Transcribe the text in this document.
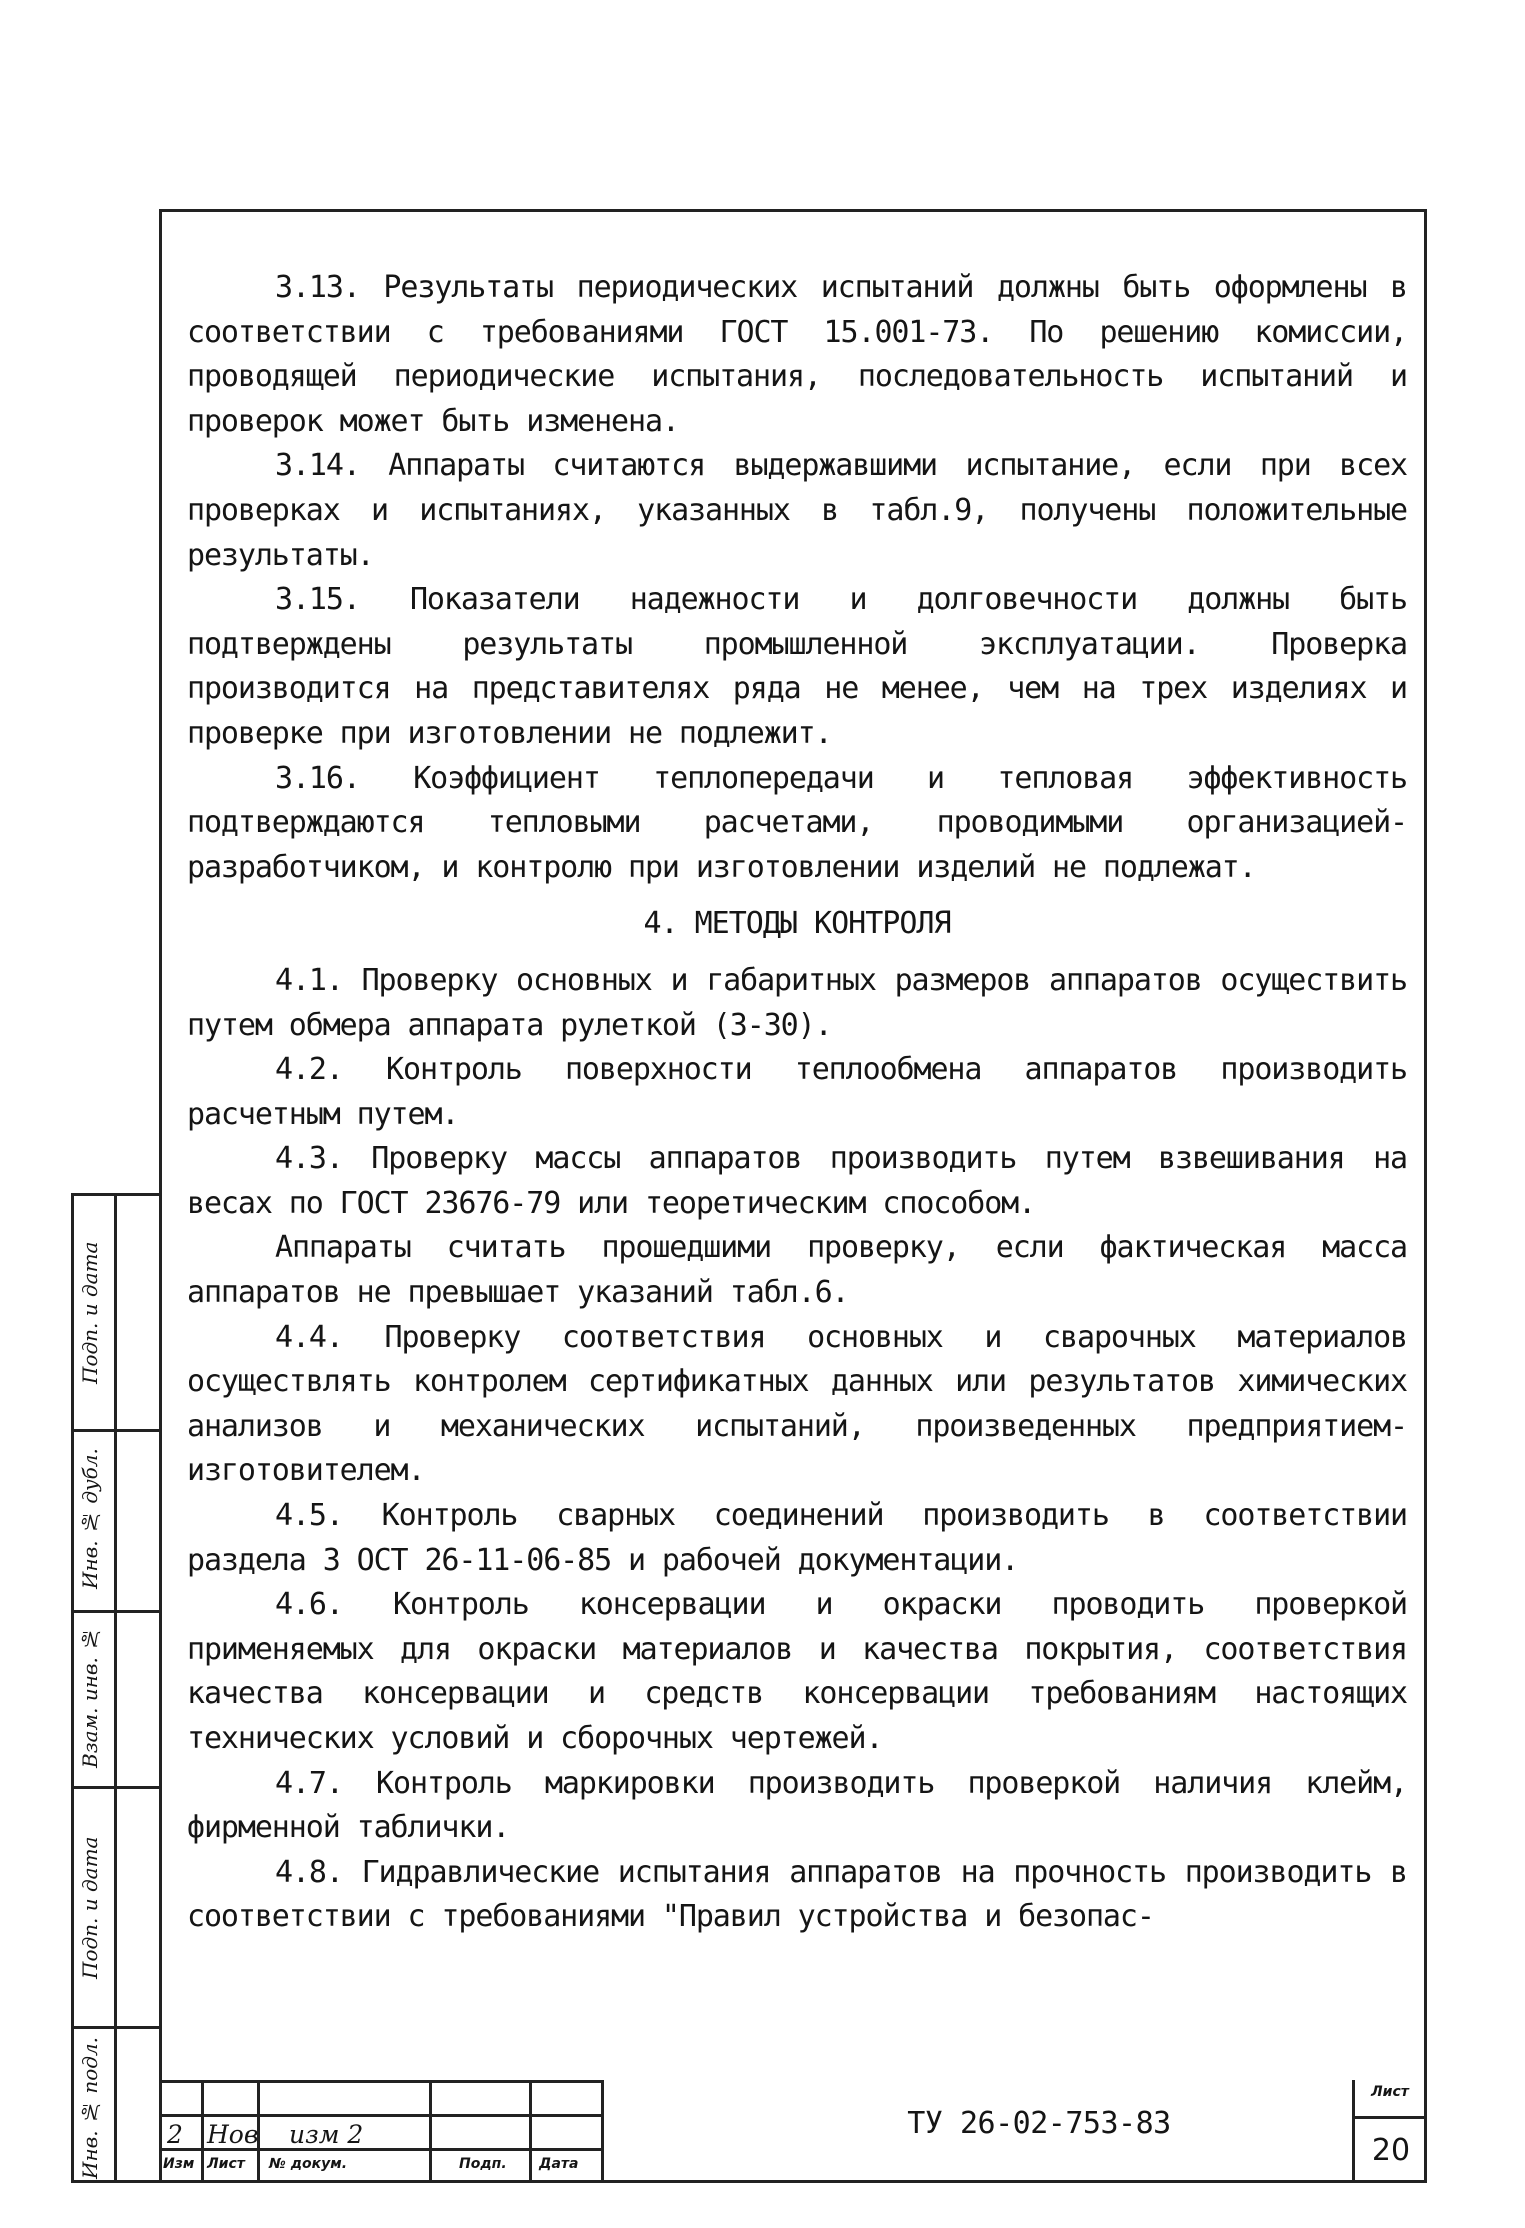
3.13. Результаты периодических испытаний должны быть оформлены в соответствии с требованиями ГОСТ 15.001-73. По решению комиссии, проводящей периодические испытания, последовательность испытаний и проверок может быть изменена.

3.14. Аппараты считаются выдержавшими испытание, если при всех проверках и испытаниях, указанных в табл.9, получены положительные результаты.

3.15. Показатели надежности и долговечности должны быть подтверждены результаты промышленной эксплуатации. Проверка производится на представителях ряда не менее, чем на трех изделиях и проверке при изготовлении не подлежит.

3.16. Коэффициент теплопередачи и тепловая эффективность подтверждаются тепловыми расчетами, проводимыми организацией-разработчиком, и контролю при изготовлении изделий не подлежат.

4. МЕТОДЫ КОНТРОЛЯ

4.1. Проверку основных и габаритных размеров аппаратов осуществить путем обмера аппарата рулеткой (3-30).

4.2. Контроль поверхности теплообмена аппаратов производить расчетным путем.

4.3. Проверку массы аппаратов производить путем взвешивания на весах по ГОСТ 23676-79 или теоретическим способом.

Аппараты считать прошедшими проверку, если фактическая масса аппаратов не превышает указаний табл.6.

4.4. Проверку соответствия основных и сварочных материалов осуществлять контролем сертификатных данных или результатов химических анализов и механических испытаний, произведенных предприятием-изготовителем.

4.5. Контроль сварных соединений производить в соответствии раздела 3 ОСТ 26-11-06-85 и рабочей документации.

4.6. Контроль консервации и окраски проводить проверкой применяемых для окраски материалов и качества покрытия, соответствия качества консервации и средств консервации требованиям настоящих технических условий и сборочных чертежей.

4.7. Контроль маркировки производить проверкой наличия клейм, фирменной таблички.

4.8. Гидравлические испытания аппаратов на прочность производить в соответствии с требованиями "Правил устройства и безопас-

Подп. и дата
Инв. № дубл.
Взам. инв. №
Подп. и дата
Инв. № подл.	2 Нов изм 2
Изм Лист № докум.	Подп. Дата
ТУ 26-02-753-83
Лист
20
